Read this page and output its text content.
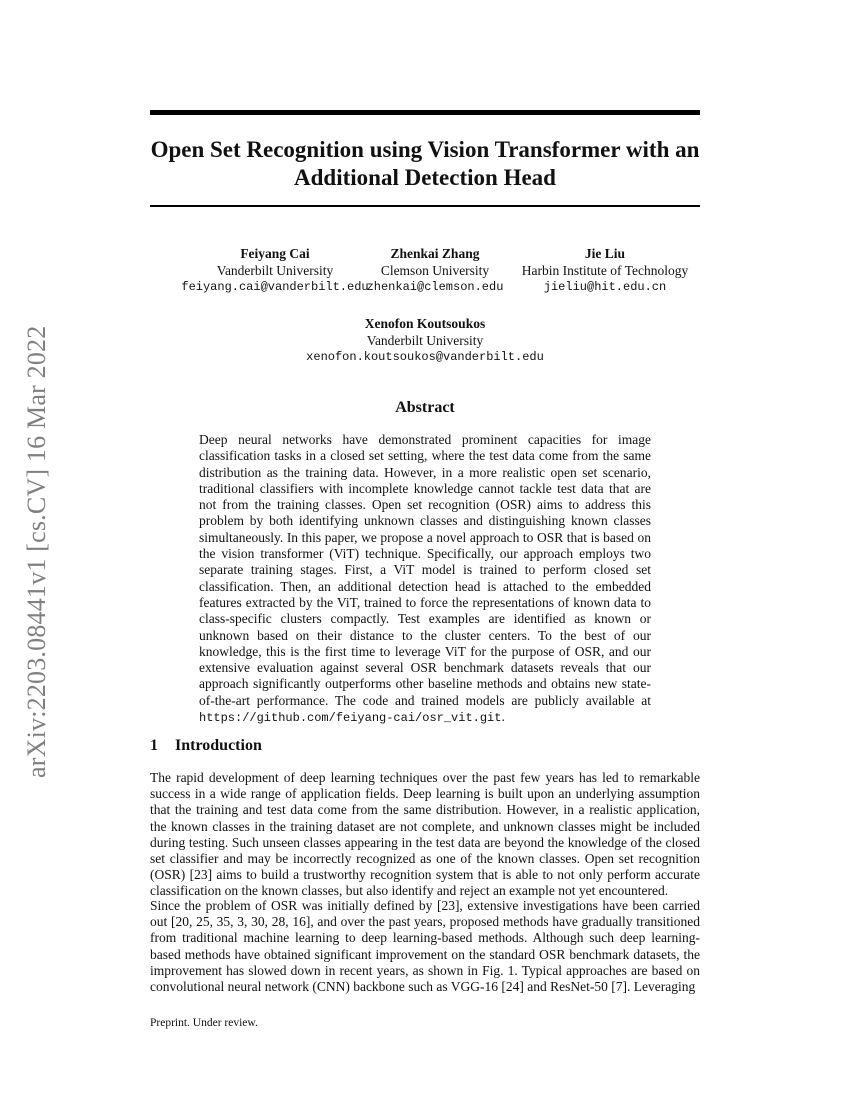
arXiv:2203.08441v1 [cs.CV] 16 Mar 2022
Open Set Recognition using Vision Transformer with an Additional Detection Head
Feiyang Cai
Vanderbilt University
feiyang.cai@vanderbilt.edu
Zhenkai Zhang
Clemson University
zhenkai@clemson.edu
Jie Liu
Harbin Institute of Technology
jieliu@hit.edu.cn
Xenofon Koutsoukos
Vanderbilt University
xenofon.koutsoukos@vanderbilt.edu
Abstract
Deep neural networks have demonstrated prominent capacities for image classification tasks in a closed set setting, where the test data come from the same distribution as the training data. However, in a more realistic open set scenario, traditional classifiers with incomplete knowledge cannot tackle test data that are not from the training classes. Open set recognition (OSR) aims to address this problem by both identifying unknown classes and distinguishing known classes simultaneously. In this paper, we propose a novel approach to OSR that is based on the vision transformer (ViT) technique. Specifically, our approach employs two separate training stages. First, a ViT model is trained to perform closed set classification. Then, an additional detection head is attached to the embedded features extracted by the ViT, trained to force the representations of known data to class-specific clusters compactly. Test examples are identified as known or unknown based on their distance to the cluster centers. To the best of our knowledge, this is the first time to leverage ViT for the purpose of OSR, and our extensive evaluation against several OSR benchmark datasets reveals that our approach significantly outperforms other baseline methods and obtains new state-of-the-art performance. The code and trained models are publicly available at https://github.com/feiyang-cai/osr_vit.git.
1 Introduction
The rapid development of deep learning techniques over the past few years has led to remarkable success in a wide range of application fields. Deep learning is built upon an underlying assumption that the training and test data come from the same distribution. However, in a realistic application, the known classes in the training dataset are not complete, and unknown classes might be included during testing. Such unseen classes appearing in the test data are beyond the knowledge of the closed set classifier and may be incorrectly recognized as one of the known classes. Open set recognition (OSR) [23] aims to build a trustworthy recognition system that is able to not only perform accurate classification on the known classes, but also identify and reject an example not yet encountered.
Since the problem of OSR was initially defined by [23], extensive investigations have been carried out [20, 25, 35, 3, 30, 28, 16], and over the past years, proposed methods have gradually transitioned from traditional machine learning to deep learning-based methods. Although such deep learning-based methods have obtained significant improvement on the standard OSR benchmark datasets, the improvement has slowed down in recent years, as shown in Fig. 1. Typical approaches are based on convolutional neural network (CNN) backbone such as VGG-16 [24] and ResNet-50 [7]. Leveraging
Preprint. Under review.
